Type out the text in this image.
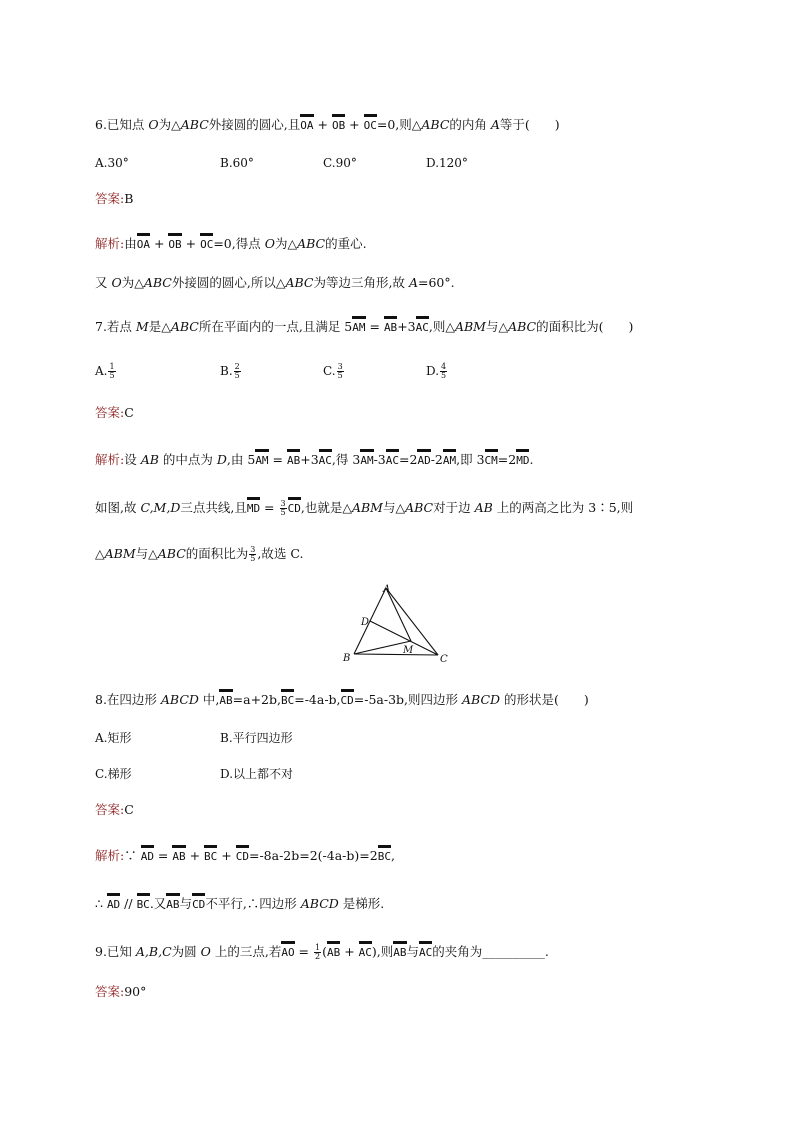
6.已知点 O为△ABC外接圆的圆心,且OA + OB + OC=0,则△ABC的内角 A等于(　　)
A.30°	B.60°	C.90°	D.120°
答案:B
解析:由OA + OB + OC=0,得点 O为△ABC的重心.
又 O为△ABC外接圆的圆心,所以△ABC为等边三角形,故 A=60°.
7.若点 M是△ABC所在平面内的一点,且满足 5AM = AB+3AC,则△ABM与△ABC的面积比为(　　)
A. $\frac{1}{5}$	B. $\frac{2}{5}$	C. $\frac{3}{5}$	D. $\frac{4}{5}$
答案:C
解析:设 AB 的中点为 D,由 5AM = AB+3AC,得 3AM-3AC=2AD-2AM,即 3CM=2MD.
如图,故 C,M,D三点共线,且MD = $\frac{3}{5}$ CD,也就是△ABM与△ABC对于边 AB 上的两高之比为 3∶5,则
△ABM与△ABC的面积比为 $\frac{3}{5}$ ,故选 C.
A
B	C
D
M
8.在四边形 ABCD 中,AB=a+2b,BC=-4a-b,CD=-5a-3b,则四边形 ABCD 的形状是(　　)
A.矩形	B.平行四边形
C.梯形	D.以上都不对
答案:C
解析:∵ AD = AB + BC + CD=-8a-2b=2(-4a-b)=2BC,
∴ AD // BC.又AB与CD不平行,∴四边形 ABCD 是梯形.
9.已知 A,B,C为圆 O 上的三点,若AO = $\frac{1}{2} (AB + AC)$,则AB与AC的夹角为__________.
答案:90°
